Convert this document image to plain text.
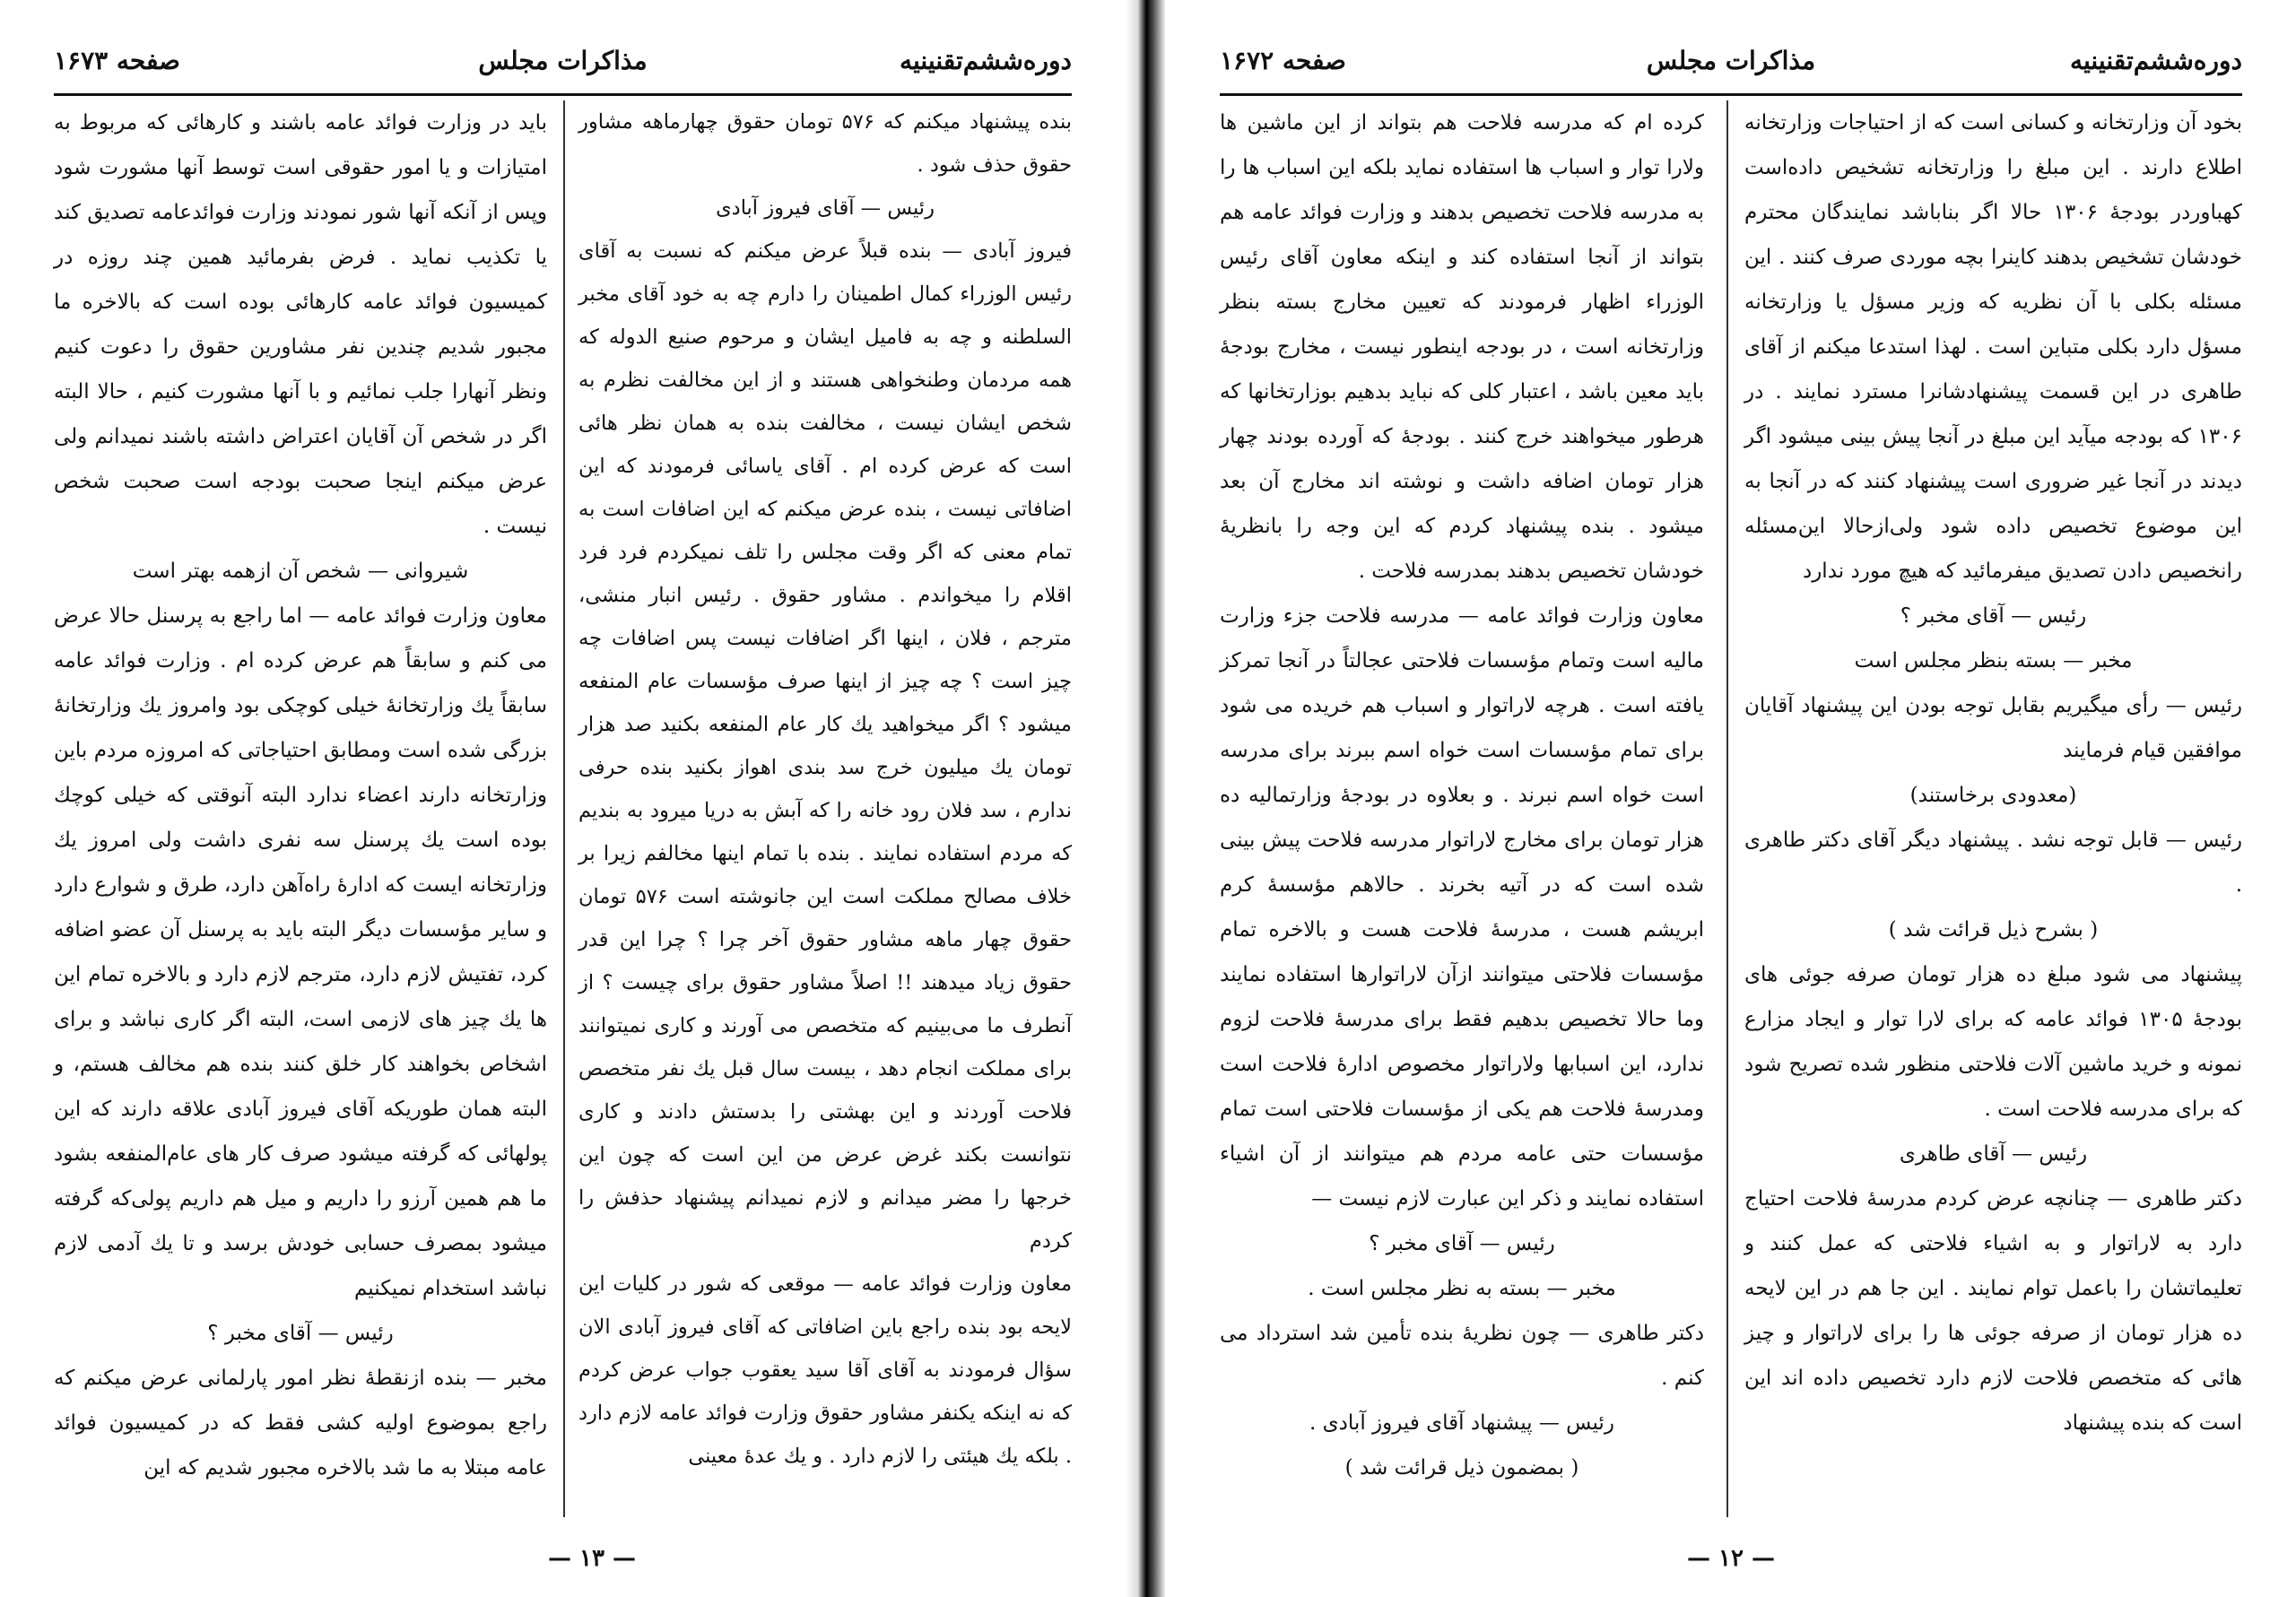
دوره‌ششم‌تقنینیه
مذاکرات مجلس
صفحه ۱۶۷۳

بنده پیشنهاد میکنم که ۵۷۶ تومان حقوق چهارماهه مشاور حقوق حذف شود .

رئیس — آقای فیروز آبادی

فیروز آبادی — بنده قبلاً عرض میکنم که نسبت به آقای رئیس الوزراء کمال اطمینان را دارم چه به خود آقای مخبر السلطنه و چه به فامیل ایشان و مرحوم صنیع الدوله که همه مردمان وطنخواهی هستند و از این مخالفت نظرم به شخص ایشان نیست ، مخالفت بنده به همان نظر هائی است که عرض کرده ام . آقای یاسائی فرمودند که این اضافاتی نیست ، بنده عرض میکنم که این اضافات است به تمام معنی که اگر وقت مجلس را تلف نمیکردم فرد فرد اقلام را میخواندم . مشاور حقوق . رئیس انبار منشی، مترجم ، فلان ، اینها اگر اضافات نیست پس اضافات چه چیز است ؟ چه چیز از اینها صرف مؤسسات عام المنفعه میشود ؟ اگر میخواهید یك كار عام المنفعه بكنید صد هزار تومان یك میلیون خرج سد بندی اهواز بکنید بنده حرفی ندارم ، سد فلان رود خانه را که آبش به دریا میرود به بندیم که مردم استفاده نمایند . بنده با تمام اینها مخالفم زیرا بر خلاف مصالح مملکت است این جانوشته است ۵۷۶ تومان حقوق چهار ماهه مشاور حقوق آخر چرا ؟ چرا این قدر حقوق زیاد میدهند !! اصلاً مشاور حقوق برای چیست ؟ از آنطرف ما می‌بینیم که متخصص می آورند و کاری نمیتوانند برای مملکت انجام دهد ، بیست سال قبل یك نفر متخصص فلاحت آوردند و این بهشتی را بدستش دادند و کاری نتوانست بکند غرض عرض من این است که چون این خرجها را مضر میدانم و لازم نمیدانم پیشنهاد حذفش را کردم

معاون وزارت فوائد عامه — موقعی که شور در کلیات این لایحه بود بنده راجع باین اضافاتی که آقای فیروز آبادی الان سؤال فرمودند به آقای آقا سید یعقوب جواب عرض کردم که نه اینکه یکنفر مشاور حقوق وزارت فوائد عامه لازم دارد . بلکه یك هیئتی را لازم دارد . و یك عدهٔ معینی

باید در وزارت فوائد عامه باشند و کارهائی که مربوط به امتیازات و یا امور حقوقی است توسط آنها مشورت شود وپس از آنکه آنها شور نمودند وزارت فوائدعامه تصدیق کند یا تکذیب نماید . فرض بفرمائید همین چند روزه در کمیسیون فوائد عامه کارهائی بوده است که بالاخره ما مجبور شدیم چندین نفر مشاورین حقوق را دعوت کنیم ونظر آنهارا جلب نمائیم و با آنها مشورت کنیم ، حالا البته اگر در شخص آن آقایان اعتراض داشته باشند نمیدانم ولی عرض میکنم اینجا صحبت بودجه است صحبت شخص نیست .

شیروانی — شخص آن ازهمه بهتر است

معاون وزارت فوائد عامه — اما راجع به پرسنل حالا عرض می کنم و سابقاً هم عرض کرده ام . وزارت فوائد عامه سابقاً یك وزارتخانهٔ خیلی کوچکی بود وامروز یك وزارتخانهٔ بزرگی شده است ومطابق احتیاجاتی که امروزه مردم باین وزارتخانه دارند اعضاء ندارد البته آنوقتی که خیلی کوچك بوده است یك پرسنل سه نفری داشت ولی امروز یك وزارتخانه ایست که ادارهٔ راه‌آهن دارد، طرق و شوارع دارد و سایر مؤسسات دیگر البته باید به پرسنل آن عضو اضافه کرد، تفتیش لازم دارد، مترجم لازم دارد و بالاخره تمام این ها یك چیز های لازمی است، البته اگر کاری نباشد و برای اشخاص بخواهند کار خلق کنند بنده هم مخالف هستم، و البته همان طوریکه آقای فیروز آبادی علاقه دارند که این پولهائی که گرفته میشود صرف کار های عام‌المنفعه بشود ما هم همین آرزو را داریم و میل هم داریم پولی‌که گرفته میشود بمصرف حسابی خودش برسد و تا یك آدمی لازم نباشد استخدام نمیکنیم

رئیس — آقای مخبر ؟

مخبر — بنده ازنقطهٔ نظر امور پارلمانی عرض میکنم که راجع بموضوع اولیه کشی فقط که در کمیسیون فوائد عامه مبتلا به ما شد بالاخره مجبور شدیم که این

— ۱۳ —
دوره‌ششم‌تقنینیه
مذاکرات مجلس
صفحه ۱۶۷۲

بخود آن وزارتخانه و کسانی است که از احتیاجات وزارتخانه اطلاع دارند . این مبلغ را وزارتخانه تشخیص داده‌است کهباوردر بودجهٔ ۱۳۰۶ حالا اگر بناباشد نمایندگان محترم خودشان تشخیص بدهند کاینرا بچه موردی صرف کنند . این مسئله بکلی با آن نظریه که وزیر مسؤل یا وزارتخانه مسؤل دارد بکلی متباین است . لهذا استدعا میکنم از آقای طاهری در این قسمت پیشنهادشانرا مسترد نمایند . در ۱۳۰۶ که بودجه میآید این مبلغ در آنجا پیش بینی میشود اگر دیدند در آنجا غیر ضروری است پیشنهاد کنند که در آنجا به این موضوع تخصیص داده شود ولی‌ازحالا این‌مسئله رانخصیص دادن تصدیق میفرمائید که هیچ مورد ندارد

رئیس — آقای مخبر ؟

مخبر — بسته بنظر مجلس است

رئیس — رأی میگیریم بقابل توجه بودن این پیشنهاد آقایان موافقین قیام فرمایند

(معدودی برخاستند)

رئیس — قابل توجه نشد . پیشنهاد دیگر آقای دکتر طاهری .

( بشرح ذیل قرائت شد )

پیشنهاد می شود مبلغ ده هزار تومان صرفه جوئی های بودجهٔ ۱۳۰۵ فوائد عامه که برای لارا توار و ایجاد مزارع نمونه و خرید ماشین آلات فلاحتی منظور شده تصریح شود که برای مدرسه فلاحت است .

رئیس — آقای طاهری

دکتر طاهری — چنانچه عرض کردم مدرسهٔ فلاحت احتیاج دارد به لاراتوار و به اشیاء فلاحتی که عمل کنند و تعلیماتشان را باعمل توام نمایند . این جا هم در این لایحه ده هزار تومان از صرفه جوئی ها را برای لاراتوار و چیز هائی که متخصص فلاحت لازم دارد تخصیص داده اند این است که بنده پیشنهاد

کرده ام که مدرسه فلاحت هم بتواند از این ماشین ها ولارا توار و اسباب ها استفاده نماید بلکه این اسباب ها را به مدرسه فلاحت تخصیص بدهند و وزارت فوائد عامه هم بتواند از آنجا استفاده کند و اینکه معاون آقای رئیس الوزراء اظهار فرمودند که تعیین مخارج بسته بنظر وزارتخانه است ، در بودجه اینطور نیست ، مخارج بودجهٔ باید معین باشد ، اعتبار کلی که نباید بدهیم بوزارتخانها که هرطور میخواهند خرج کنند . بودجهٔ که آورده بودند چهار هزار تومان اضافه داشت و نوشته اند مخارج آن بعد میشود . بنده پیشنهاد کردم که این وجه را بانظریهٔ خودشان تخصیص بدهند بمدرسه فلاحت .

معاون وزارت فوائد عامه — مدرسه فلاحت جزء وزارت مالیه است وتمام مؤسسات فلاحتی عجالتاً در آنجا تمرکز یافته است . هرچه لاراتوار و اسباب هم خریده می شود برای تمام مؤسسات است خواه اسم ببرند برای مدرسه است خواه اسم نبرند . و بعلاوه در بودجهٔ وزارتمالیه ده هزار تومان برای مخارج لاراتوار مدرسه فلاحت پیش بینی شده است که در آتیه بخرند . حالاهم مؤسسهٔ کرم ابریشم هست ، مدرسهٔ فلاحت هست و بالاخره تمام مؤسسات فلاحتی میتوانند ازآن لاراتوارها استفاده نمایند وما حالا تخصیص بدهیم فقط برای مدرسهٔ فلاحت لزوم ندارد، این اسبابها ولاراتوار مخصوص ادارهٔ فلاحت است ومدرسهٔ فلاحت هم یکی از مؤسسات فلاحتی است تمام مؤسسات حتی عامه مردم هم میتوانند از آن اشیاء استفاده نمایند و ذکر این عبارت لازم نیست —

رئیس — آقای مخبر ؟

مخبر — بسته به نظر مجلس است .

دکتر طاهری — چون نظریهٔ بنده تأمین شد استرداد می کنم .

رئیس — پیشنهاد آقای فیروز آبادی .

( بمضمون ذیل قرائت شد )

— ۱۲ —
